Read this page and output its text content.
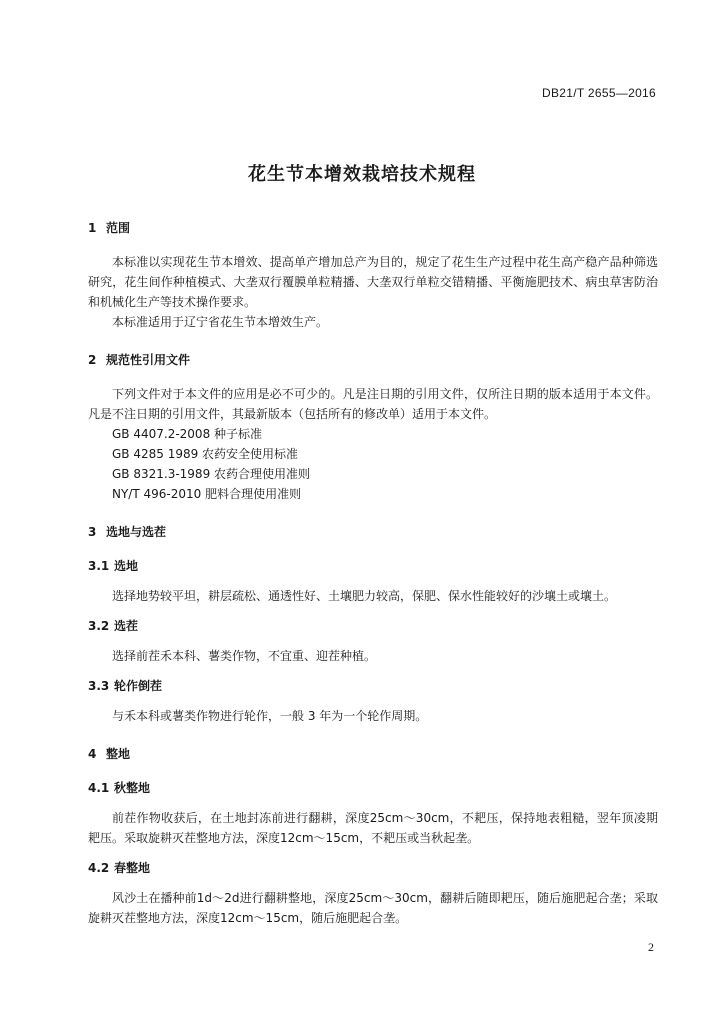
DB21/T 2655—2016
花生节本增效栽培技术规程
1 范围

本标准以实现花生节本增效、提高单产增加总产为目的，规定了花生生产过程中花生高产稳产品种筛选研究，花生间作种植模式、大垄双行覆膜单粒精播、大垄双行单粒交错精播、平衡施肥技术、病虫草害防治和机械化生产等技术操作要求。

本标准适用于辽宁省花生节本增效生产。

2 规范性引用文件

下列文件对于本文件的应用是必不可少的。凡是注日期的引用文件，仅所注日期的版本适用于本文件。凡是不注日期的引用文件，其最新版本（包括所有的修改单）适用于本文件。

GB 4407.2-2008 种子标准

GB 4285 1989 农药安全使用标准

GB 8321.3-1989 农药合理使用准则

NY/T 496-2010 肥料合理使用准则

3 选地与选茬
3.1 选地

选择地势较平坦，耕层疏松、通透性好、土壤肥力较高，保肥、保水性能较好的沙壤土或壤土。

3.2 选茬

选择前茬禾本科、薯类作物，不宜重、迎茬种植。

3.3 轮作倒茬

与禾本科或薯类作物进行轮作，一般 3 年为一个轮作周期。

4 整地
4.1 秋整地

前茬作物收获后，在土地封冻前进行翻耕，深度25cm～30cm，不耙压，保持地表粗糙，翌年顶凌期耙压。采取旋耕灭茬整地方法，深度12cm～15cm，不耙压或当秋起垄。

4.2 春整地

风沙土在播种前1d～2d进行翻耕整地，深度25cm～30cm，翻耕后随即耙压，随后施肥起合垄；采取旋耕灭茬整地方法，深度12cm～15cm，随后施肥起合垄。

2
